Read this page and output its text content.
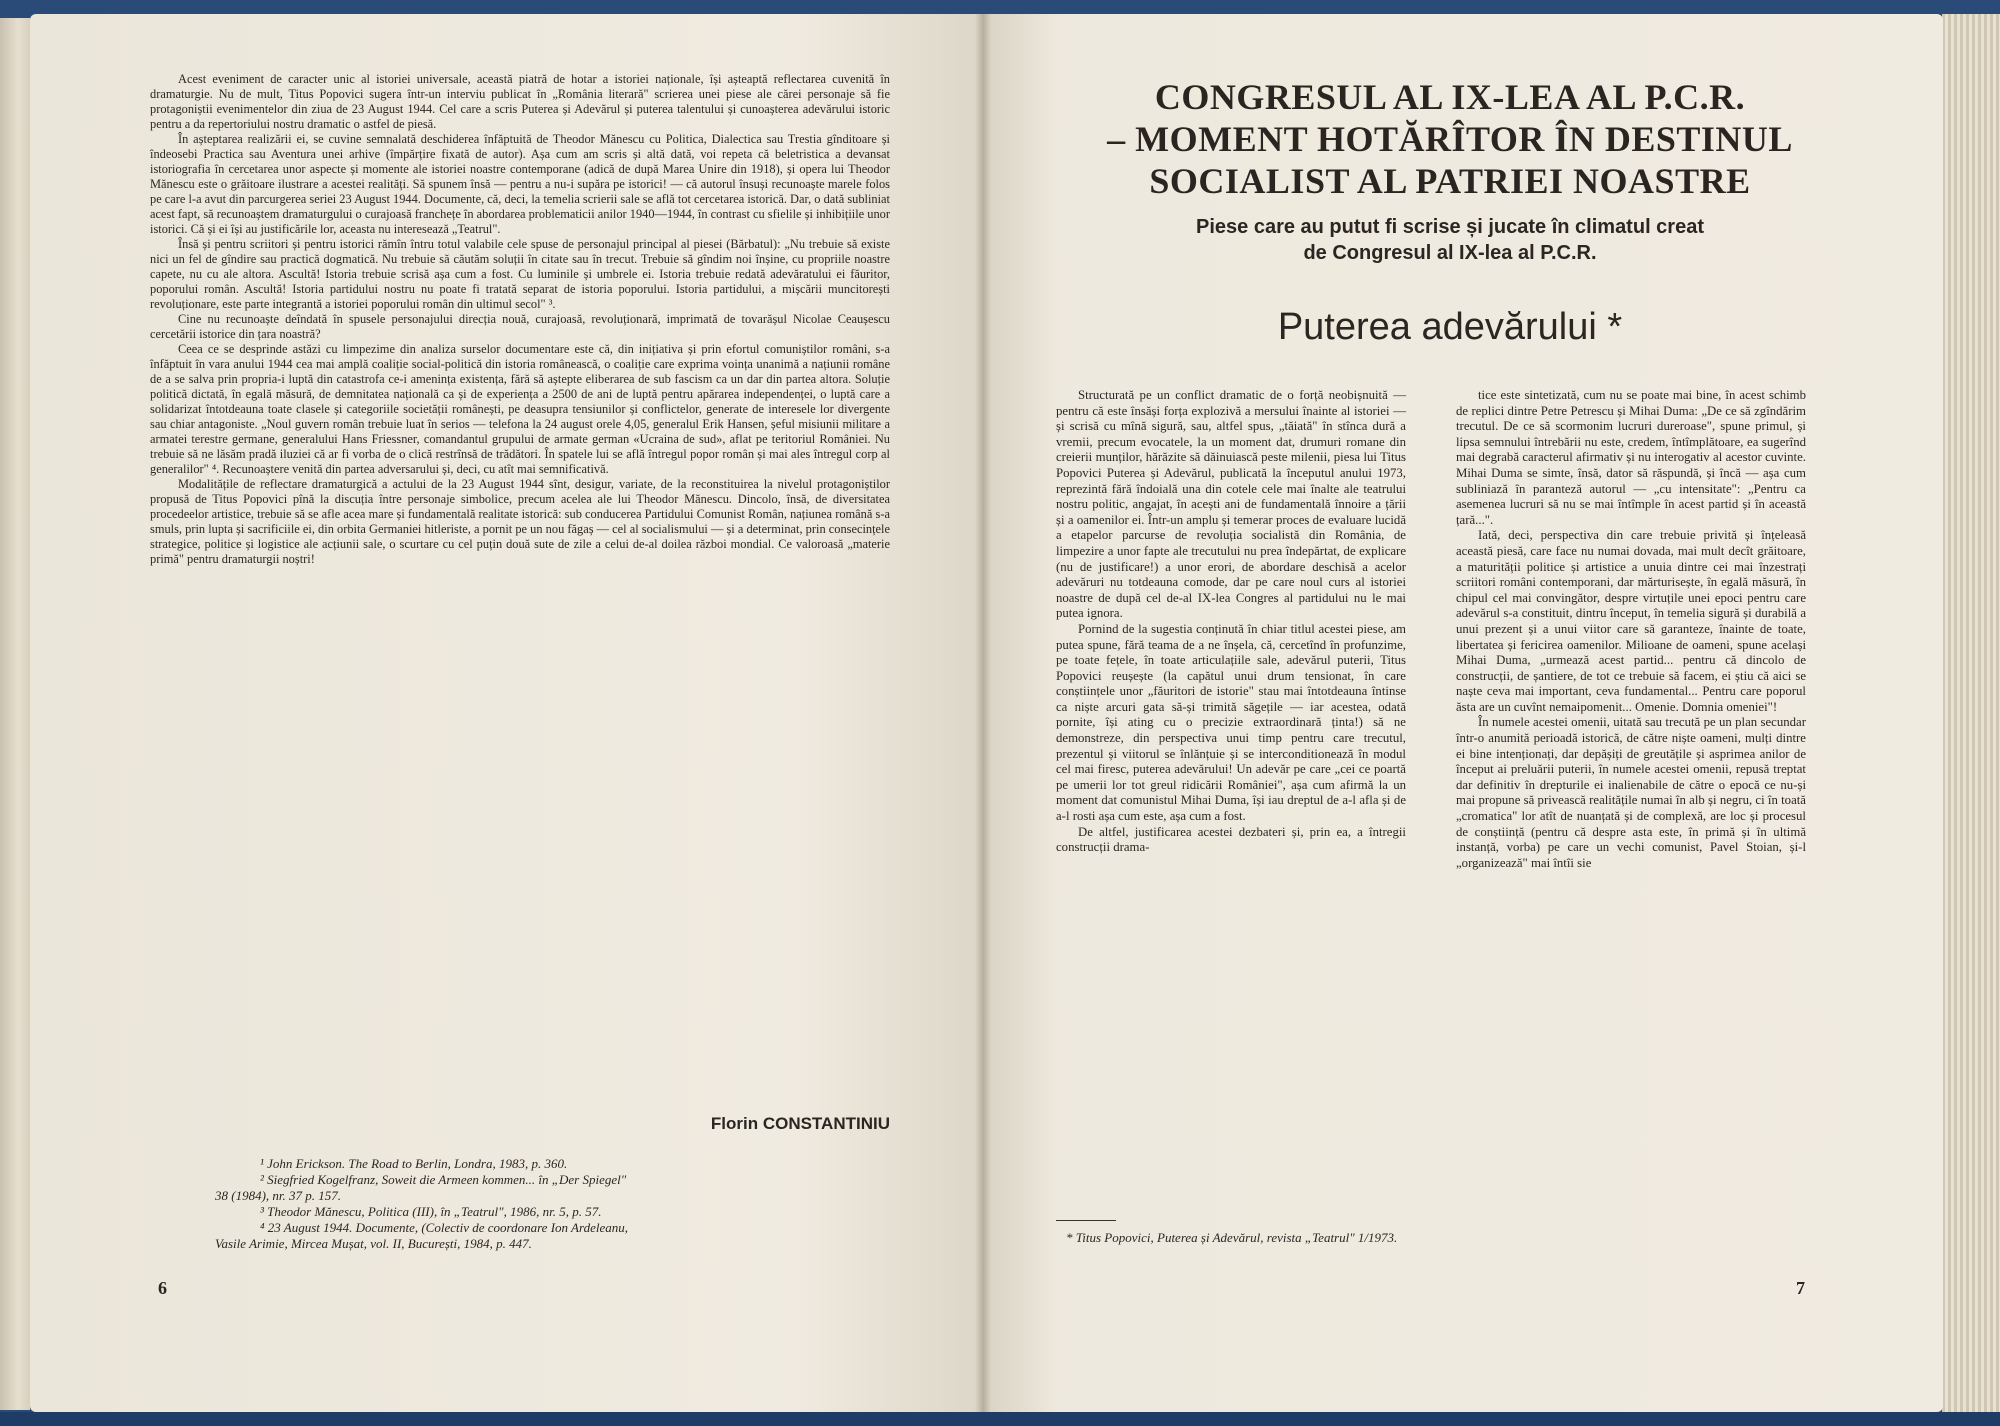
Acest eveniment de caracter unic al istoriei universale, această piatră de hotar a istoriei naționale, își așteaptă reflectarea cuvenită în dramaturgie. Nu de mult, Titus Popovici sugera într-un interviu publicat în „România literară" scrierea unei piese ale cărei personaje să fie protagoniștii evenimentelor din ziua de 23 August 1944. Cel care a scris Puterea și Adevărul și puterea talentului și cunoașterea adevărului istoric pentru a da repertoriului nostru dramatic o astfel de piesă.

În așteptarea realizării ei, se cuvine semnalată deschiderea înfăptuită de Theodor Mănescu cu Politica, Dialectica sau Trestia gînditoare și îndeosebi Practica sau Aventura unei arhive (împărțire fixată de autor). Așa cum am scris și altă dată, voi repeta că beletristica a devansat istoriografia în cercetarea unor aspecte și momente ale istoriei noastre contemporane (adică de după Marea Unire din 1918), și opera lui Theodor Mănescu este o grăitoare ilustrare a acestei realități. Să spunem însă — pentru a nu-i supăra pe istorici! — că autorul însuși recunoaște marele folos pe care l-a avut din parcurgerea seriei 23 August 1944. Documente, că, deci, la temelia scrierii sale se află tot cercetarea istorică. Dar, o dată subliniat acest fapt, să recunoaștem dramaturgului o curajoasă franchețe în abordarea problematicii anilor 1940—1944, în contrast cu sfielile și inhibițiile unor istorici. Că și ei își au justificările lor, aceasta nu interesează „Teatrul".

Însă și pentru scriitori și pentru istorici rămîn întru totul valabile cele spuse de personajul principal al piesei (Bărbatul): „Nu trebuie să existe nici un fel de gîndire sau practică dogmatică. Nu trebuie să căutăm soluții în citate sau în trecut. Trebuie să gîndim noi înșine, cu propriile noastre capete, nu cu ale altora. Ascultă! Istoria trebuie scrisă așa cum a fost. Cu luminile și umbrele ei. Istoria trebuie redată adevăratului ei făuritor, poporului român. Ascultă! Istoria partidului nostru nu poate fi tratată separat de istoria poporului. Istoria partidului, a mișcării muncitorești revoluționare, este parte integrantă a istoriei poporului român din ultimul secol" ³.

Cine nu recunoaște deîndată în spusele personajului direcția nouă, curajoasă, revoluționară, imprimată de tovarășul Nicolae Ceaușescu cercetării istorice din țara noastră?

Ceea ce se desprinde astăzi cu limpezime din analiza surselor documentare este că, din inițiativa și prin efortul comuniștilor români, s-a înfăptuit în vara anului 1944 cea mai amplă coaliție social-politică din istoria românească, o coaliție care exprima voința unanimă a națiunii române de a se salva prin propria-i luptă din catastrofa ce-i amenința existența, fără să aștepte eliberarea de sub fascism ca un dar din partea altora. Soluție politică dictată, în egală măsură, de demnitatea națională ca și de experiența a 2500 de ani de luptă pentru apărarea independenței, o luptă care a solidarizat întotdeauna toate clasele și categoriile societății românești, pe deasupra tensiunilor și conflictelor, generate de interesele lor divergente sau chiar antagoniste. „Noul guvern român trebuie luat în serios — telefona la 24 august orele 4,05, generalul Erik Hansen, șeful misiunii militare a armatei terestre germane, generalului Hans Friessner, comandantul grupului de armate german «Ucraina de sud», aflat pe teritoriul României. Nu trebuie să ne lăsăm pradă iluziei că ar fi vorba de o clică restrînsă de trădători. În spatele lui se află întregul popor român și mai ales întregul corp al generalilor" ⁴. Recunoaștere venită din partea adversarului și, deci, cu atît mai semnificativă.

Modalitățile de reflectare dramaturgică a actului de la 23 August 1944 sînt, desigur, variate, de la reconstituirea la nivelul protagoniștilor propusă de Titus Popovici pînă la discuția între personaje simbolice, precum acelea ale lui Theodor Mănescu. Dincolo, însă, de diversitatea procedeelor artistice, trebuie să se afle acea mare și fundamentală realitate istorică: sub conducerea Partidului Comunist Român, națiunea română s-a smuls, prin lupta și sacrificiile ei, din orbita Germaniei hitleriste, a pornit pe un nou făgaș — cel al socialismului — și a determinat, prin consecințele strategice, politice și logistice ale acțiunii sale, o scurtare cu cel puțin două sute de zile a celui de-al doilea război mondial. Ce valoroasă „materie primă" pentru dramaturgii noștri!

Florin CONSTANTINIU

¹ John Erickson. The Road to Berlin, Londra, 1983, p. 360.

² Siegfried Kogelfranz, Soweit die Armeen kommen... în „Der Spiegel"

38 (1984), nr. 37 p. 157.

³ Theodor Mănescu, Politica (III), în „Teatrul", 1986, nr. 5, p. 57.

⁴ 23 August 1944. Documente, (Colectiv de coordonare Ion Ardeleanu,

Vasile Arimie, Mircea Mușat, vol. II, București, 1984, p. 447.

6
CONGRESUL AL IX-LEA AL P.C.R.
– MOMENT HOTĂRÎTOR ÎN DESTINUL
SOCIALIST AL PATRIEI NOASTRE
Piese care au putut fi scrise și jucate în climatul creat
de Congresul al IX-lea al P.C.R.
Puterea adevărului *

Structurată pe un conflict dramatic de o forță neobișnuită — pentru că este însăși forța explozivă a mersului înainte al istoriei — și scrisă cu mînă sigură, sau, altfel spus, „tăiată" în stînca dură a vremii, precum evocatele, la un moment dat, drumuri romane din creierii munților, hărăzite să dăinuiască peste milenii, piesa lui Titus Popovici Puterea și Adevărul, publicată la începutul anului 1973, reprezintă fără îndoială una din cotele cele mai înalte ale teatrului nostru politic, angajat, în acești ani de fundamentală înnoire a țării și a oamenilor ei. Într-un amplu și temerar proces de evaluare lucidă a etapelor parcurse de revoluția socialistă din România, de limpezire a unor fapte ale trecutului nu prea îndepărtat, de explicare (nu de justificare!) a unor erori, de abordare deschisă a acelor adevăruri nu totdeauna comode, dar pe care noul curs al istoriei noastre de după cel de-al IX-lea Congres al partidului nu le mai putea ignora.

Pornind de la sugestia conținută în chiar titlul acestei piese, am putea spune, fără teama de a ne înșela, că, cercetînd în profunzime, pe toate fețele, în toate articulațiile sale, adevărul puterii, Titus Popovici reușește (la capătul unui drum tensionat, în care conștiințele unor „făuritori de istorie" stau mai întotdeauna întinse ca niște arcuri gata să-și trimită săgețile — iar acestea, odată pornite, își ating cu o precizie extraordinară ținta!) să ne demonstreze, din perspectiva unui timp pentru care trecutul, prezentul și viitorul se înlănțuie și se interconditionează în modul cel mai firesc, puterea adevărului! Un adevăr pe care „cei ce poartă pe umerii lor tot greul ridicării României", așa cum afirmă la un moment dat comunistul Mihai Duma, își iau dreptul de a-l afla și de a-l rosti așa cum este, așa cum a fost.

De altfel, justificarea acestei dezbateri și, prin ea, a întregii construcții drama-

* Titus Popovici, Puterea și Adevărul, revista „Teatrul" 1/1973.

tice este sintetizată, cum nu se poate mai bine, în acest schimb de replici dintre Petre Petrescu și Mihai Duma: „De ce să zgîndărim trecutul. De ce să scormonim lucruri dureroase", spune primul, și lipsa semnului întrebării nu este, credem, întîmplătoare, ea sugerînd mai degrabă caracterul afirmativ și nu interogativ al acestor cuvinte. Mihai Duma se simte, însă, dator să răspundă, și încă — așa cum subliniază în paranteză autorul — „cu intensitate": „Pentru ca asemenea lucruri să nu se mai întîmple în acest partid și în această țară...".

Iată, deci, perspectiva din care trebuie privită și înțeleasă această piesă, care face nu numai dovada, mai mult decît grăitoare, a maturității politice și artistice a unuia dintre cei mai înzestrați scriitori români contemporani, dar mărturisește, în egală măsură, în chipul cel mai convingător, despre virtuțile unei epoci pentru care adevărul s-a constituit, dintru început, în temelia sigură și durabilă a unui prezent și a unui viitor care să garanteze, înainte de toate, libertatea și fericirea oamenilor. Milioane de oameni, spune același Mihai Duma, „urmează acest partid... pentru că dincolo de construcții, de șantiere, de tot ce trebuie să facem, ei știu că aici se naște ceva mai important, ceva fundamental... Pentru care poporul ăsta are un cuvînt nemaipomenit... Omenie. Domnia omeniei"!

În numele acestei omenii, uitată sau trecută pe un plan secundar într-o anumită perioadă istorică, de către niște oameni, mulți dintre ei bine intenționați, dar depășiți de greutățile și asprimea anilor de început ai preluării puterii, în numele acestei omenii, repusă treptat dar definitiv în drepturile ei inalienabile de către o epocă ce nu-și mai propune să privească realitățile numai în alb și negru, ci în toată „cromatica" lor atît de nuanțată și de complexă, are loc și procesul de conștiință (pentru că despre asta este, în primă și în ultimă instanță, vorba) pe care un vechi comunist, Pavel Stoian, și-l „organizează" mai întîi sie

7
